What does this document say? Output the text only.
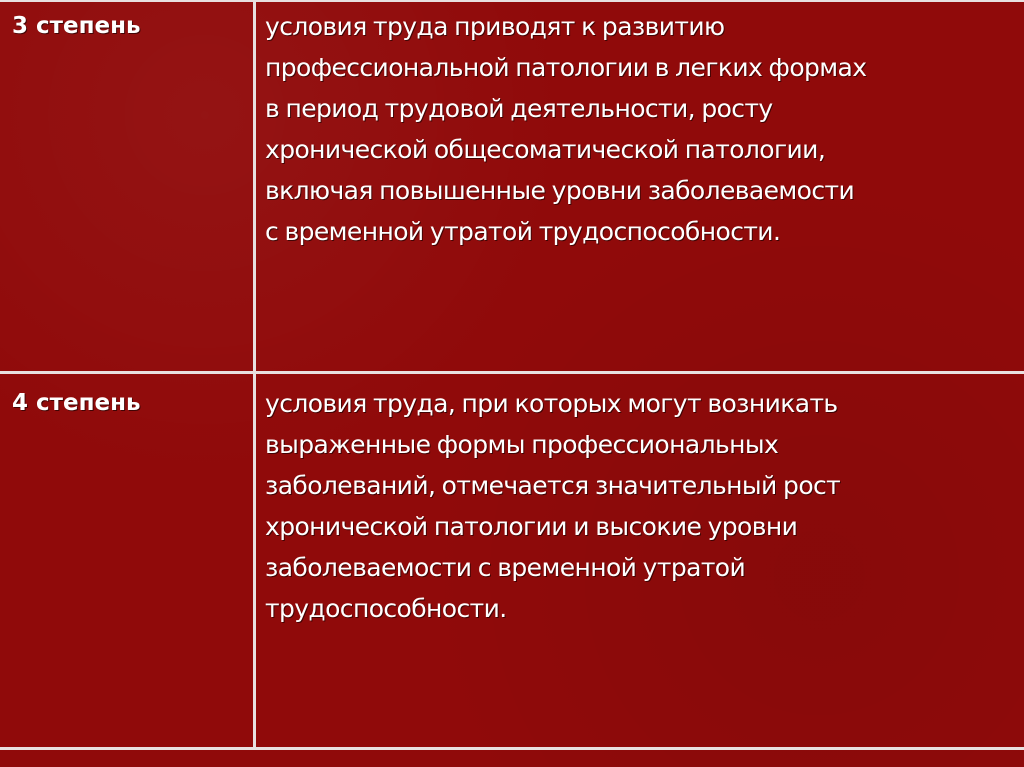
3 степень	условия труда приводят к развитию
профессиональной патологии в легких формах
в период трудовой деятельности, росту
хронической общесоматической патологии,
включая повышенные уровни заболеваемости
с временной утратой трудоспособности.
4 степень	условия труда, при которых могут возникать
выраженные формы профессиональных
заболеваний, отмечается значительный рост
хронической патологии и высокие уровни
заболеваемости с временной утратой
трудоспособности.
